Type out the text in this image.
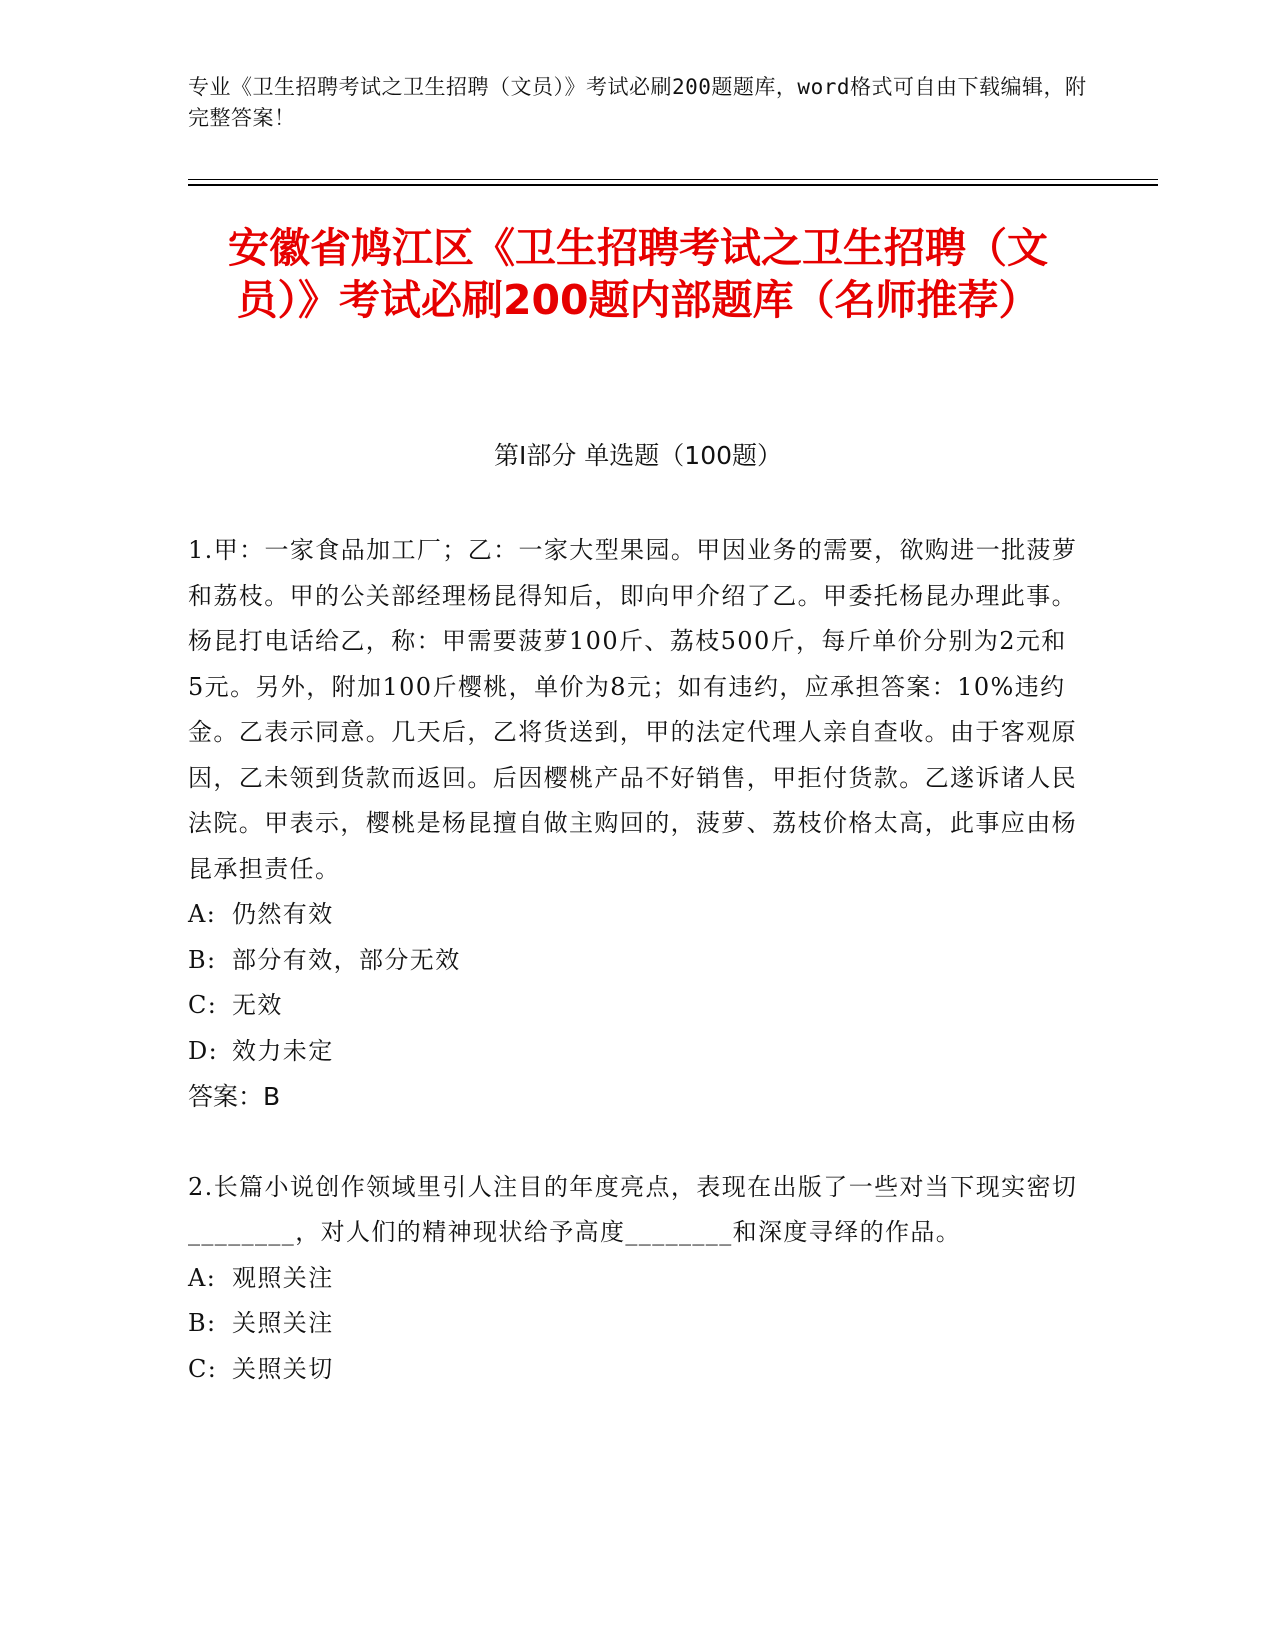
专业《卫生招聘考试之卫生招聘（文员）》考试必刷200题题库，word格式可自由下载编辑，附完整答案！
安徽省鸠江区《卫生招聘考试之卫生招聘（文员）》考试必刷200题内部题库（名师推荐）
第I部分 单选题（100题）

1.甲：一家食品加工厂；乙：一家大型果园。甲因业务的需要，欲购进一批菠萝和荔枝。甲的公关部经理杨昆得知后，即向甲介绍了乙。甲委托杨昆办理此事。杨昆打电话给乙，称：甲需要菠萝100斤、荔枝500斤，每斤单价分别为2元和5元。另外，附加100斤樱桃，单价为8元；如有违约，应承担答案：10%违约金。乙表示同意。几天后，乙将货送到，甲的法定代理人亲自查收。由于客观原因，乙未领到货款而返回。后因樱桃产品不好销售，甲拒付货款。乙遂诉诸人民法院。甲表示，樱桃是杨昆擅自做主购回的，菠萝、荔枝价格太高，此事应由杨昆承担责任。

A: 仍然有效

B: 部分有效，部分无效

C: 无效

D: 效力未定

答案：B

2.长篇小说创作领域里引人注目的年度亮点，表现在出版了一些对当下现实密切________，对人们的精神现状给予高度________和深度寻绎的作品。

A: 观照关注

B: 关照关注

C: 关照关切
